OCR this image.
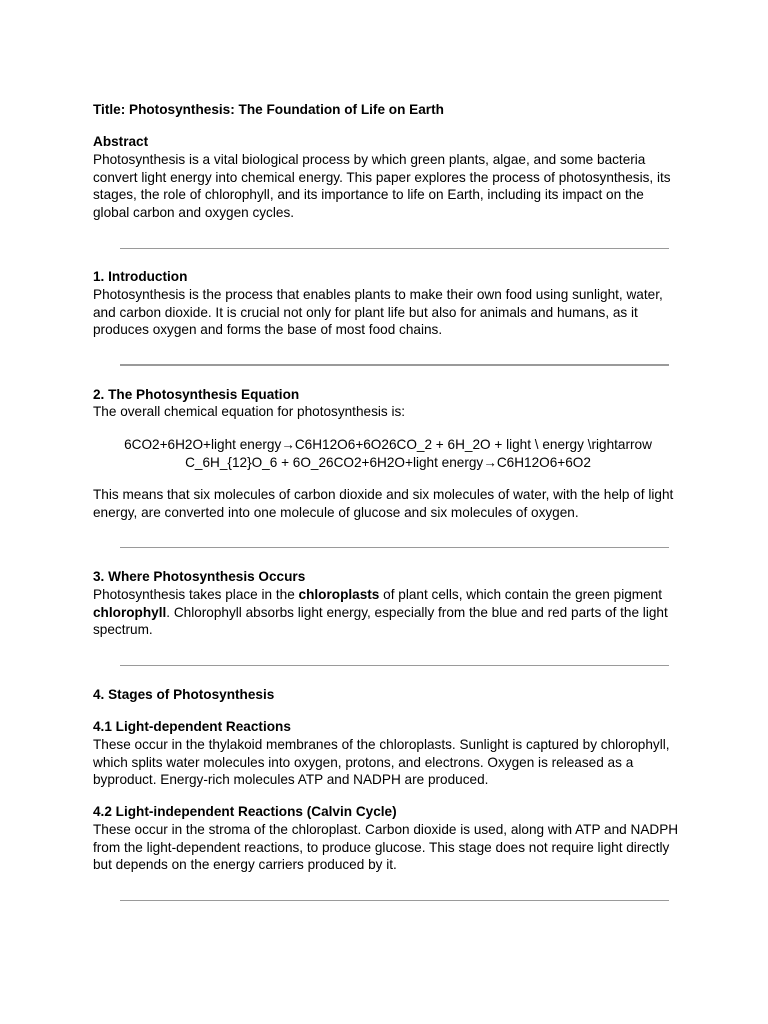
Title: Photosynthesis: The Foundation of Life on Earth

Abstract

Photosynthesis is a vital biological process by which green plants, algae, and some bacteria convert light energy into chemical energy. This paper explores the process of photosynthesis, its stages, the role of chlorophyll, and its importance to life on Earth, including its impact on the global carbon and oxygen cycles.

1. Introduction

Photosynthesis is the process that enables plants to make their own food using sunlight, water, and carbon dioxide. It is crucial not only for plant life but also for animals and humans, as it produces oxygen and forms the base of most food chains.

2. The Photosynthesis Equation

The overall chemical equation for photosynthesis is:

6CO2+6H2O+light energy→C6H12O6+6O26CO_2 + 6H_2O + light \ energy \rightarrow

C_6H_{12}O_6 + 6O_26CO2+6H2O+light energy→C6H12O6+6O2

This means that six molecules of carbon dioxide and six molecules of water, with the help of light energy, are converted into one molecule of glucose and six molecules of oxygen.

3. Where Photosynthesis Occurs

Photosynthesis takes place in the chloroplasts of plant cells, which contain the green pigment chlorophyll. Chlorophyll absorbs light energy, especially from the blue and red parts of the light spectrum.

4. Stages of Photosynthesis

4.1 Light-dependent Reactions

These occur in the thylakoid membranes of the chloroplasts. Sunlight is captured by chlorophyll, which splits water molecules into oxygen, protons, and electrons. Oxygen is released as a byproduct. Energy-rich molecules ATP and NADPH are produced.

4.2 Light-independent Reactions (Calvin Cycle)

These occur in the stroma of the chloroplast. Carbon dioxide is used, along with ATP and NADPH from the light-dependent reactions, to produce glucose. This stage does not require light directly but depends on the energy carriers produced by it.
